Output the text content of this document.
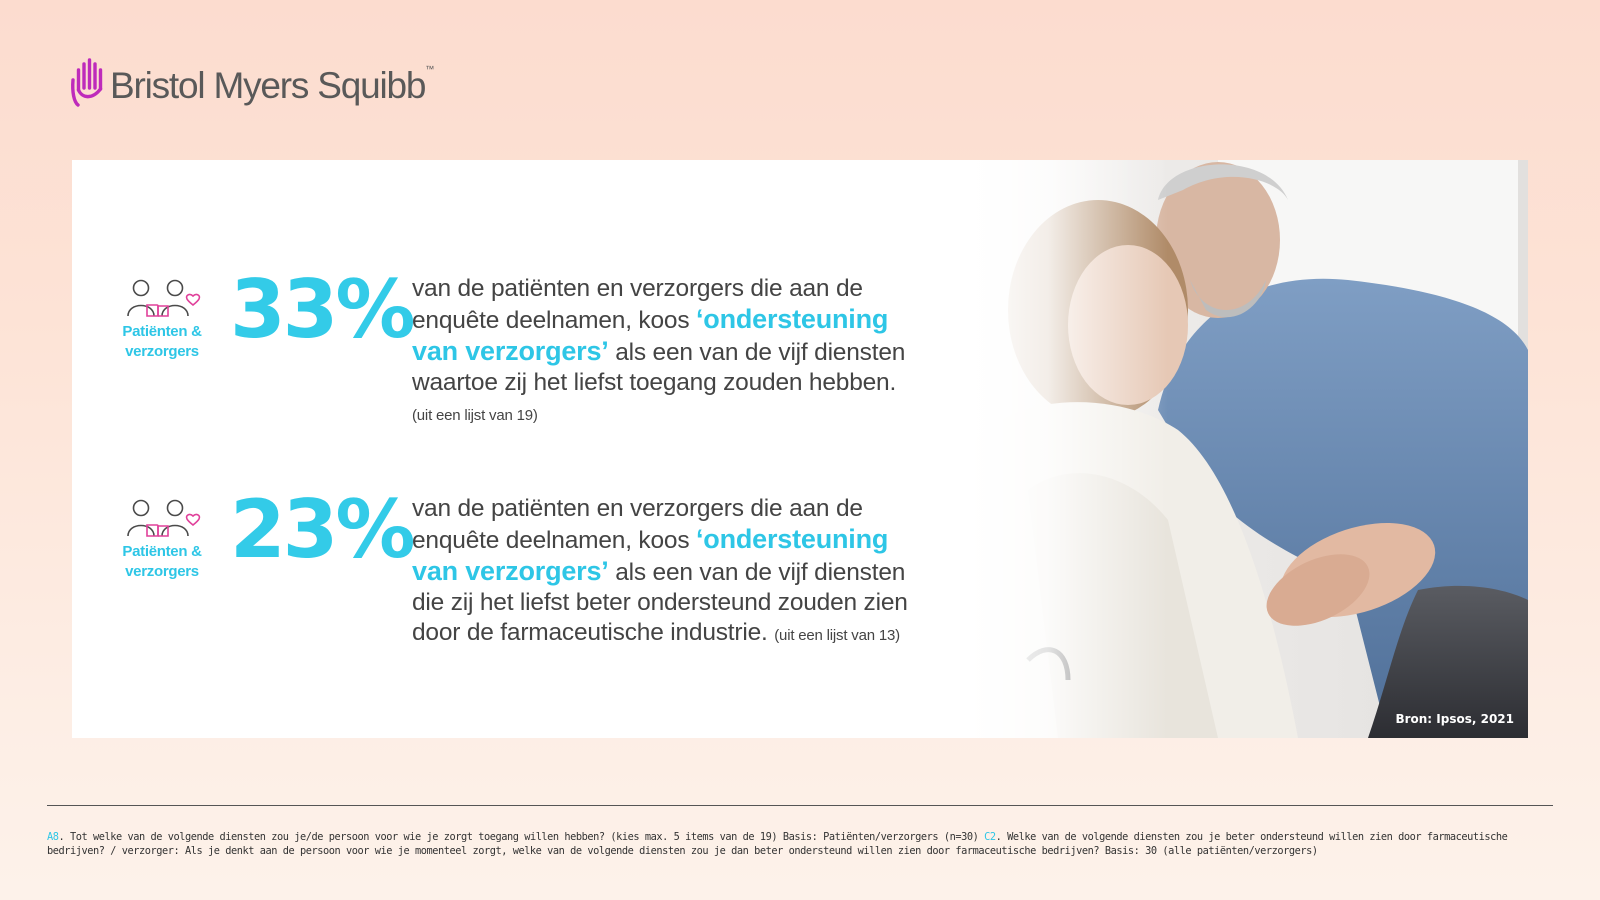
Bristol Myers Squibb™
Patiënten &
verzorgers 33% van de patiënten en verzorgers die aan de enquête deelnamen, koos ‘ondersteuning van verzorgers’ als een van de vijf diensten waartoe zij het liefst toegang zouden hebben.
(uit een lijst van 19)
Patiënten &
verzorgers 23% van de patiënten en verzorgers die aan de enquête deelnamen, koos ‘ondersteuning van verzorgers’ als een van de vijf diensten die zij het liefst beter ondersteund zouden zien door de farmaceutische industrie. (uit een lijst van 13)
Bron: Ipsos, 2021
A8. Tot welke van de volgende diensten zou je/de persoon voor wie je zorgt toegang willen hebben? (kies max. 5 items van de 19) Basis: Patiënten/verzorgers (n=30) C2. Welke van de volgende diensten zou je beter ondersteund willen zien door farmaceutische bedrijven? / verzorger: Als je denkt aan de persoon voor wie je momenteel zorgt, welke van de volgende diensten zou je dan beter ondersteund willen zien door farmaceutische bedrijven? Basis: 30 (alle patiënten/verzorgers)
